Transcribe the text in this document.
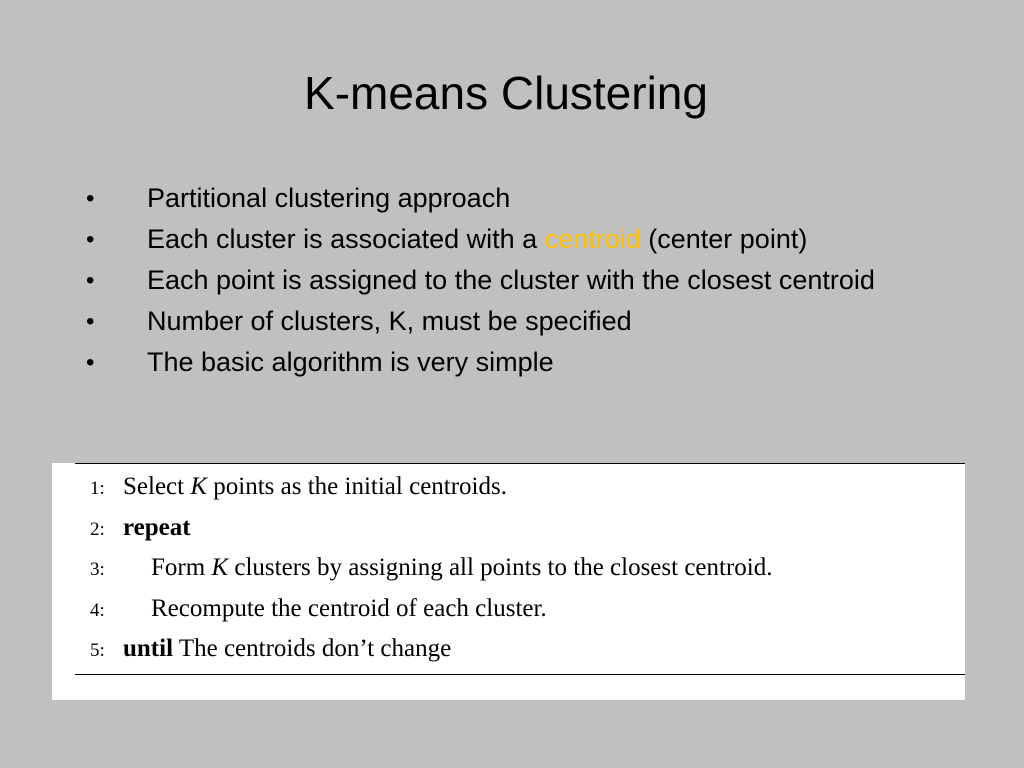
K-means Clustering
•	Partitional clustering approach
•	Each cluster is associated with a centroid (center point)
•	Each point is assigned to the cluster with the closest centroid
•	Number of clusters, K, must be specified
•	The basic algorithm is very simple
1: Select K points as the initial centroids.
2: repeat
3: Form K clusters by assigning all points to the closest centroid.
4: Recompute the centroid of each cluster.
5: until The centroids don’t change
